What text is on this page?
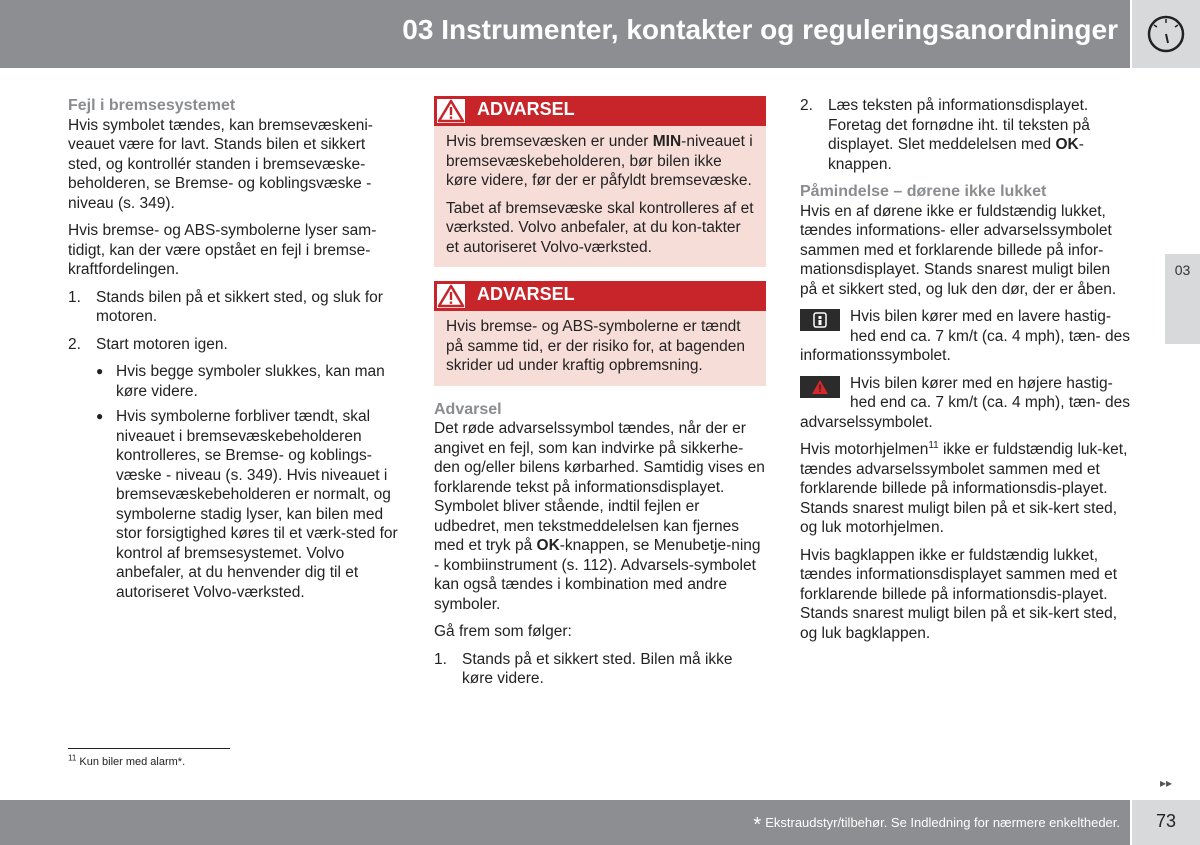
03 Instrumenter, kontakter og reguleringsanordninger
03
Fejl i bremsesystemet

Hvis symbolet tændes, kan bremsevæskeni-veauet være for lavt. Stands bilen et sikkert sted, og kontrollér standen i bremsevæske-beholderen, se Bremse- og koblingsvæske - niveau (s. 349).

Hvis bremse- og ABS-symbolerne lyser sam-tidigt, kan der være opstået en fejl i bremse-kraftfordelingen.

1. Stands bilen på et sikkert sted, og sluk for motoren.
2. Start motoren igen.
● Hvis begge symboler slukkes, kan man køre videre.
● Hvis symbolerne forbliver tændt, skal niveauet i bremsevæskebeholderen kontrolleres, se Bremse- og koblings-væske - niveau (s. 349). Hvis niveauet i bremsevæskebeholderen er normalt, og symbolerne stadig lyser, kan bilen med stor forsigtighed køres til et værk-sted for kontrol af bremsesystemet. Volvo anbefaler, at du henvender dig til et autoriseret Volvo-værksted.
ADVARSEL

Hvis bremsevæsken er under MIN-niveauet i bremsevæskebeholderen, bør bilen ikke køre videre, før der er påfyldt bremsevæske.

Tabet af bremsevæske skal kontrolleres af et værksted. Volvo anbefaler, at du kon-takter et autoriseret Volvo-værksted.

ADVARSEL

Hvis bremse- og ABS-symbolerne er tændt på samme tid, er der risiko for, at bagenden skrider ud under kraftig opbremsning.

Advarsel

Det røde advarselssymbol tændes, når der er angivet en fejl, som kan indvirke på sikkerhe-den og/eller bilens kørbarhed. Samtidig vises en forklarende tekst på informationsdisplayet. Symbolet bliver stående, indtil fejlen er udbedret, men tekstmeddelelsen kan fjernes med et tryk på OK-knappen, se Menubetje-ning - kombiinstrument (s. 112). Advarsels-symbolet kan også tændes i kombination med andre symboler.

Gå frem som følger:

1. Stands på et sikkert sted. Bilen må ikke køre videre.
2. Læs teksten på informationsdisplayet. Foretag det fornødne iht. til teksten på displayet. Slet meddelelsen med OK-knappen.
Påmindelse – dørene ikke lukket

Hvis en af dørene ikke er fuldstændig lukket, tændes informations- eller advarselssymbolet sammen med et forklarende billede på infor-mationsdisplayet. Stands snarest muligt bilen på et sikkert sted, og luk den dør, der er åben.

Hvis bilen kører med en lavere hastig-hed end ca. 7 km/t (ca. 4 mph), tæn- des informationssymbolet.
Hvis bilen kører med en højere hastig-hed end ca. 7 km/t (ca. 4 mph), tæn- des advarselssymbolet.

Hvis motorhjelmen$^{11}$ ikke er fuldstændig luk-ket, tændes advarselssymbolet sammen med et forklarende billede på informationsdis-playet. Stands snarest muligt bilen på et sik-kert sted, og luk motorhjelmen.

Hvis bagklappen ikke er fuldstændig lukket, tændes informationsdisplayet sammen med et forklarende billede på informationsdis-playet. Stands snarest muligt bilen på et sik-kert sted, og luk bagklappen.

$^{11}$ Kun biler med alarm*.
▸▸
* Ekstraudstyr/tilbehør. Se Indledning for nærmere enkeltheder.	73
